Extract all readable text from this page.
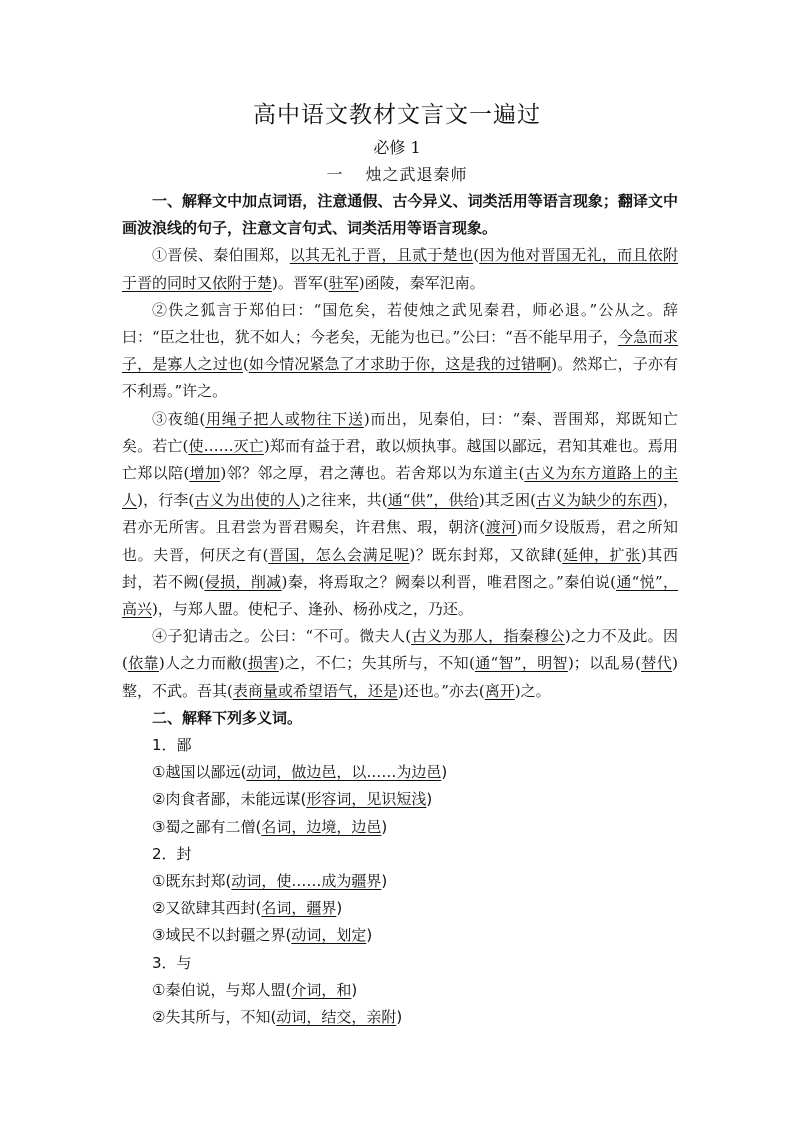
高中语文教材文言文一遍过

必修 1

一 烛之武退秦师

一、解释文中加点词语，注意通假、古今异义、词类活用等语言现象；翻译文中画波浪线的句子，注意文言句式、词类活用等语言现象。

①晋侯、秦伯围郑，以其无礼于晋，且贰于楚也(因为他对晋国无礼，而且依附于晋的同时又依附于楚)。晋军(驻军)函陵，秦军氾南。

②佚之狐言于郑伯曰：“国危矣，若使烛之武见秦君，师必退。”公从之。辞曰：“臣之壮也，犹不如人；今老矣，无能为也已。”公曰：“吾不能早用子，今急而求子，是寡人之过也(如今情况紧急了才求助于你，这是我的过错啊)。然郑亡，子亦有不利焉。”许之。

③夜缒(用绳子把人或物往下送)而出，见秦伯，曰：“秦、晋围郑，郑既知亡矣。若亡(使……灭亡)郑而有益于君，敢以烦执事。越国以鄙远，君知其难也。焉用亡郑以陪(增加)邻？邻之厚，君之薄也。若舍郑以为东道主(古义为东方道路上的主人)，行李(古义为出使的人)之往来，共(通“供”，供给)其乏困(古义为缺少的东西)，君亦无所害。且君尝为晋君赐矣，许君焦、瑕，朝济(渡河)而夕设版焉，君之所知也。夫晋，何厌之有(晋国，怎么会满足呢)？既东封郑，又欲肆(延伸，扩张)其西封，若不阙(侵损，削减)秦，将焉取之？阙秦以利晋，唯君图之。”秦伯说(通“悦”，高兴)，与郑人盟。使杞子、逢孙、杨孙戍之，乃还。

④子犯请击之。公曰：“不可。微夫人(古义为那人，指秦穆公)之力不及此。因(依靠)人之力而敝(损害)之，不仁；失其所与，不知(通“智”，明智)；以乱易(替代)整，不武。吾其(表商量或希望语气，还是)还也。”亦去(离开)之。

二、解释下列多义词。

1．鄙

①越国以鄙远(动词，做边邑，以……为边邑)

②肉食者鄙，未能远谋(形容词，见识短浅)

③蜀之鄙有二僧(名词，边境，边邑)

2．封

①既东封郑(动词，使……成为疆界)

②又欲肆其西封(名词，疆界)

③域民不以封疆之界(动词，划定)

3．与

①秦伯说，与郑人盟(介词，和)

②失其所与，不知(动词，结交，亲附)
